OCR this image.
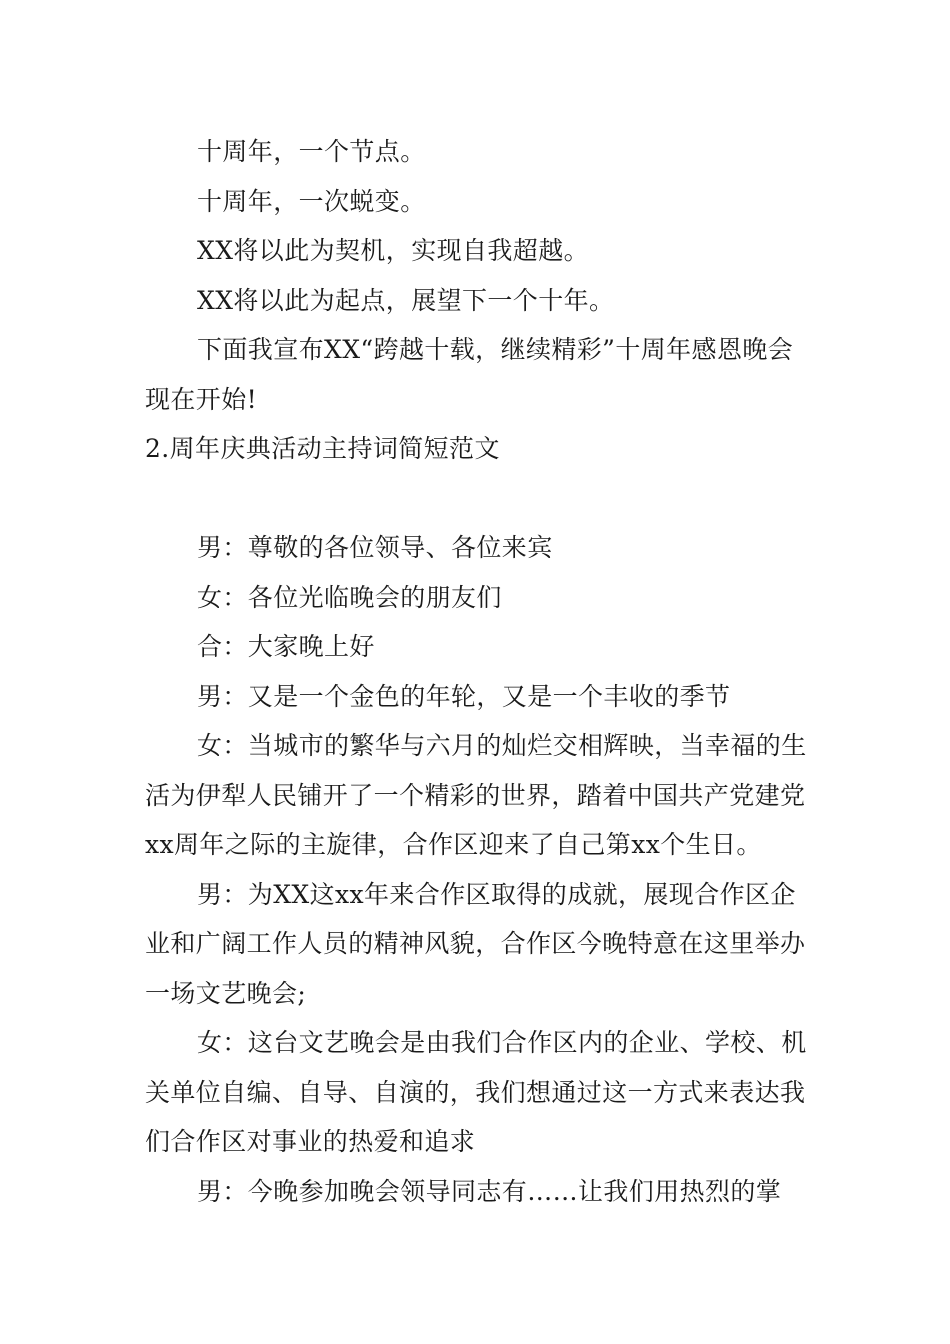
十周年，一个节点。

十周年，一次蜕变。

XX将以此为契机，实现自我超越。

XX将以此为起点，展望下一个十年。

下面我宣布XX“跨越十载，继续精彩”十周年感恩晚会现在开始!

2.周年庆典活动主持词简短范文

男：尊敬的各位领导、各位来宾

女：各位光临晚会的朋友们

合：大家晚上好

男：又是一个金色的年轮，又是一个丰收的季节

女：当城市的繁华与六月的灿烂交相辉映，当幸福的生活为伊犁人民铺开了一个精彩的世界，踏着中国共产党建党xx周年之际的主旋律，合作区迎来了自己第xx个生日。

男：为XX这xx年来合作区取得的成就，展现合作区企业和广阔工作人员的精神风貌，合作区今晚特意在这里举办一场文艺晚会;

女：这台文艺晚会是由我们合作区内的企业、学校、机关单位自编、自导、自演的，我们想通过这一方式来表达我们合作区对事业的热爱和追求

男：今晚参加晚会领导同志有……让我们用热烈的掌
